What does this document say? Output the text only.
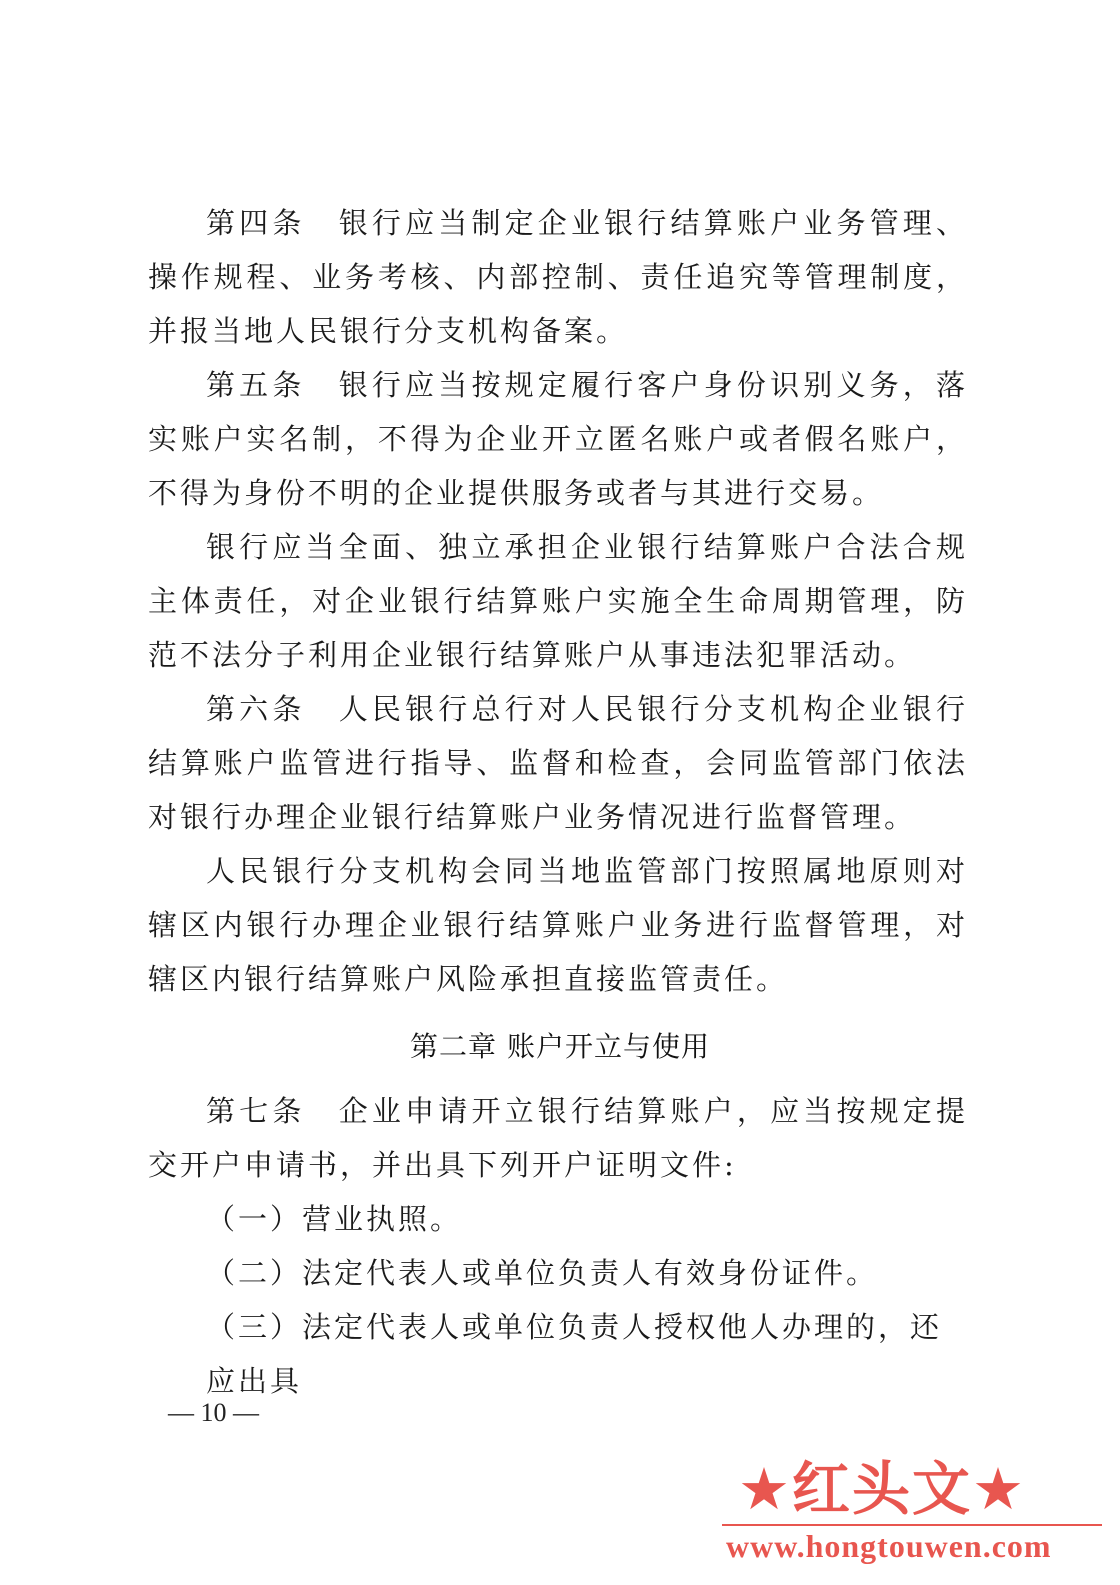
第四条　银行应当制定企业银行结算账户业务管理、操作规程、业务考核、内部控制、责任追究等管理制度，并报当地人民银行分支机构备案。

第五条　银行应当按规定履行客户身份识别义务，落实账户实名制，不得为企业开立匿名账户或者假名账户，不得为身份不明的企业提供服务或者与其进行交易。

银行应当全面、独立承担企业银行结算账户合法合规主体责任，对企业银行结算账户实施全生命周期管理，防范不法分子利用企业银行结算账户从事违法犯罪活动。

第六条　人民银行总行对人民银行分支机构企业银行结算账户监管进行指导、监督和检查，会同监管部门依法对银行办理企业银行结算账户业务情况进行监督管理。

人民银行分支机构会同当地监管部门按照属地原则对辖区内银行办理企业银行结算账户业务进行监督管理，对辖区内银行结算账户风险承担直接监管责任。

第二章 账户开立与使用

第七条　企业申请开立银行结算账户，应当按规定提交开户申请书，并出具下列开户证明文件:

（一）营业执照。

（二）法定代表人或单位负责人有效身份证件。

（三）法定代表人或单位负责人授权他人办理的，还应出具

— 10 —
★红头文★
www.hongtouwen.com
